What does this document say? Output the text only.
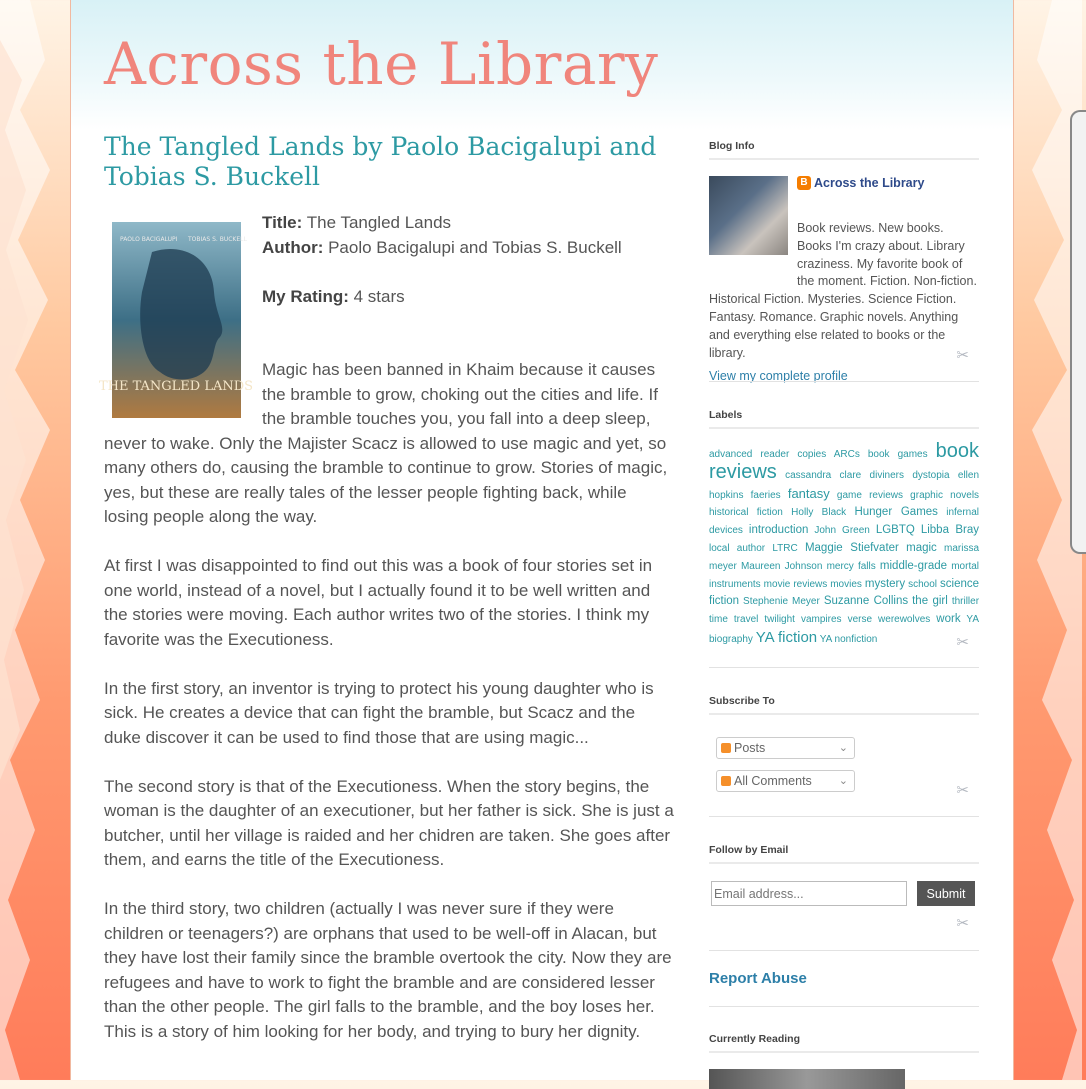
Across the Library
The Tangled Lands by Paolo Bacigalupi and Tobias S. Buckell
PAOLO BACIGALUPI TOBIAS S. BUCKELL
THE TANGLED LANDS
Title: The Tangled Lands
Author: Paolo Bacigalupi and Tobias S. Buckell
My Rating: 4 stars

Magic has been banned in Khaim because it causes the bramble to grow, choking out the cities and life. If the bramble touches you, you fall into a deep sleep, never to wake. Only the Majister Scacz is allowed to use magic and yet, so many others do, causing the bramble to continue to grow. Stories of magic, yes, but these are really tales of the lesser people fighting back, while losing people along the way.

At first I was disappointed to find out this was a book of four stories set in one world, instead of a novel, but I actually found it to be well written and the stories were moving. Each author writes two of the stories. I think my favorite was the Executioness.

In the first story, an inventor is trying to protect his young daughter who is sick. He creates a device that can fight the bramble, but Scacz and the duke discover it can be used to find those that are using magic...

The second story is that of the Executioness. When the story begins, the woman is the daughter of an executioner, but her father is sick. She is just a butcher, until her village is raided and her chidren are taken. She goes after them, and earns the title of the Executioness.

In the third story, two children (actually I was never sure if they were children or teenagers?) are orphans that used to be well-off in Alacan, but they have lost their family since the bramble overtook the city. Now they are refugees and have to work to fight the bramble and are considered lesser than the other people. The girl falls to the bramble, and the boy loses her. This is a story of him looking for her body, and trying to bury her dignity.

Blog Info
B Across the Library
Book reviews. New books. Books I'm crazy about. Library craziness. My favorite book of the moment. Fiction. Non-fiction. Historical Fiction. Mysteries. Science Fiction. Fantasy. Romance. Graphic novels. Anything and everything else related to books or the library.
View my complete profile
✂
Labels
advanced reader copies ARCs book games book reviews cassandra clare diviners dystopia ellen hopkins faeries fantasy game reviews graphic novels historical fiction Holly Black Hunger Games infernal devices introduction John Green LGBTQ Libba Bray local author LTRC Maggie Stiefvater magic marissa meyer Maureen Johnson mercy falls middle-grade mortal instruments movie reviews movies mystery school science fiction Stephenie Meyer Suzanne Collins the girl thriller time travel twilight vampires verse werewolves work YA biography YA fiction YA nonfiction	✂
Subscribe To
Posts	⌄
All Comments ⌄
✂
Follow by Email
Email address...
Submit
✂
Report Abuse
Currently Reading
